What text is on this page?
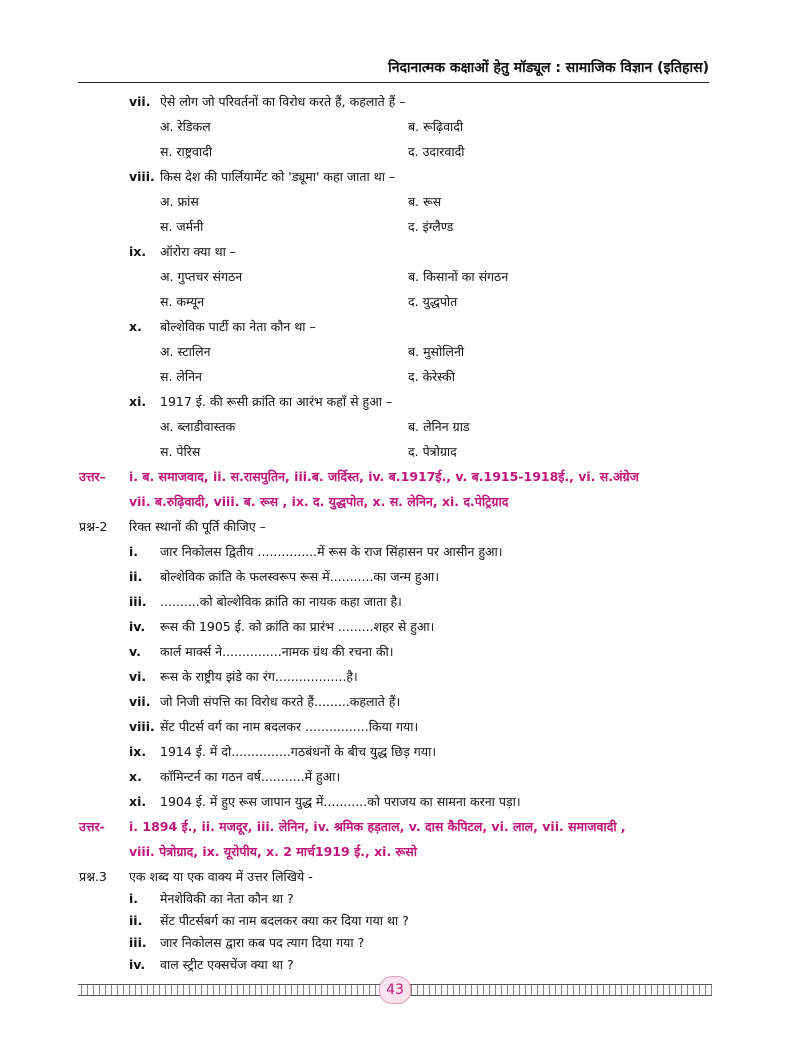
निदानात्मक कक्षाओं हेतु मॉड्यूल : सामाजिक विज्ञान (इतिहास)
vii. ऐसे लोग जो परिवर्तनों का विरोध करते हैं, कहलाते हैं –
अ. रेडिकल	ब. रूढ़िवादी
स. राष्ट्रवादी	द. उदारवादी
viii. किस देश की पार्लियामेंट को 'ड्यूमा' कहा जाता था –
अ. फ्रांस	ब. रूस
स. जर्मनी	द. इंग्लैण्ड
ix. ऑरोरा क्या था –
अ. गुप्तचर संगठन	ब. किसानों का संगठन
स. कम्यून	द. युद्धपोत
x. बोल्शेविक पार्टी का नेता कौन था –
अ. स्टालिन	ब. मुसोलिनी
स. लेनिन	द. केरेस्की
xi. 1917 ई. की रूसी क्रांति का आरंभ कहाँ से हुआ –
अ. ब्लाडीवास्तक	ब. लेनिन ग्राड
स. पेरिस	द. पेत्रोग्राद
उत्तर– i. ब. समाजवाद, ii. स.रासपुतिन, iii.ब. जर्दिस्त, iv. ब.1917ई., v. ब.1915-1918ई., vi. स.अंग्रेज
vii. ब.रुढ़िवादी, viii. ब. रूस , ix. द. युद्धपोत, x. स. लेनिन, xi. द.पेट्रिग्राद
प्रश्न-2 रिक्त स्थानों की पूर्ति कीजिए –
i. जार निकोलस द्वितीय ...............में रूस के राज सिंहासन पर आसीन हुआ।
ii. बोल्शेविक क्रांति के फलस्वरूप रूस में...........का जन्म हुआ।
iii. ..........को बोल्शेविक क्रांति का नायक कहा जाता है।
iv. रूस की 1905 ई. को क्रांति का प्रारंभ .........शहर से हुआ।
v. कार्ल मार्क्स ने...............नामक ग्रंथ की रचना की।
vi. रूस के राष्ट्रीय झंडे का रंग..................है।
vii. जो निजी संपत्ति का विरोध करते हैं.........कहलाते हैं।
viii. सेंट पीटर्स वर्ग का नाम बदलकर ................किया गया।
ix. 1914 ई. में दो...............गठबंधनों के बीच युद्ध छिड़ गया।
x. कॉमिन्टर्न का गठन वर्ष...........में हुआ।
xi. 1904 ई. में हुए रूस जापान युद्ध में...........को पराजय का सामना करना पड़ा।
उत्तर- i. 1894 ई., ii. मजदूर, iii. लेनिन, iv. श्रमिक हड़ताल, v. दास कैपिटल, vi. लाल, vii. समाजवादी ,
viii. पेत्रोग्राद, ix. यूरोपीय, x. 2 मार्च1919 ई., xi. रूसो
प्रश्न.3 एक शब्द या एक वाक्य में उत्तर लिखिये -
i. मेनशेविकी का नेता कौन था ?
ii. सेंट पीटर्सबर्ग का नाम बदलकर क्या कर दिया गया था ?
iii. जार निकोलस द्वारा कब पद त्याग दिया गया ?
iv. वाल स्ट्रीट एक्सचेंज क्या था ?
43
